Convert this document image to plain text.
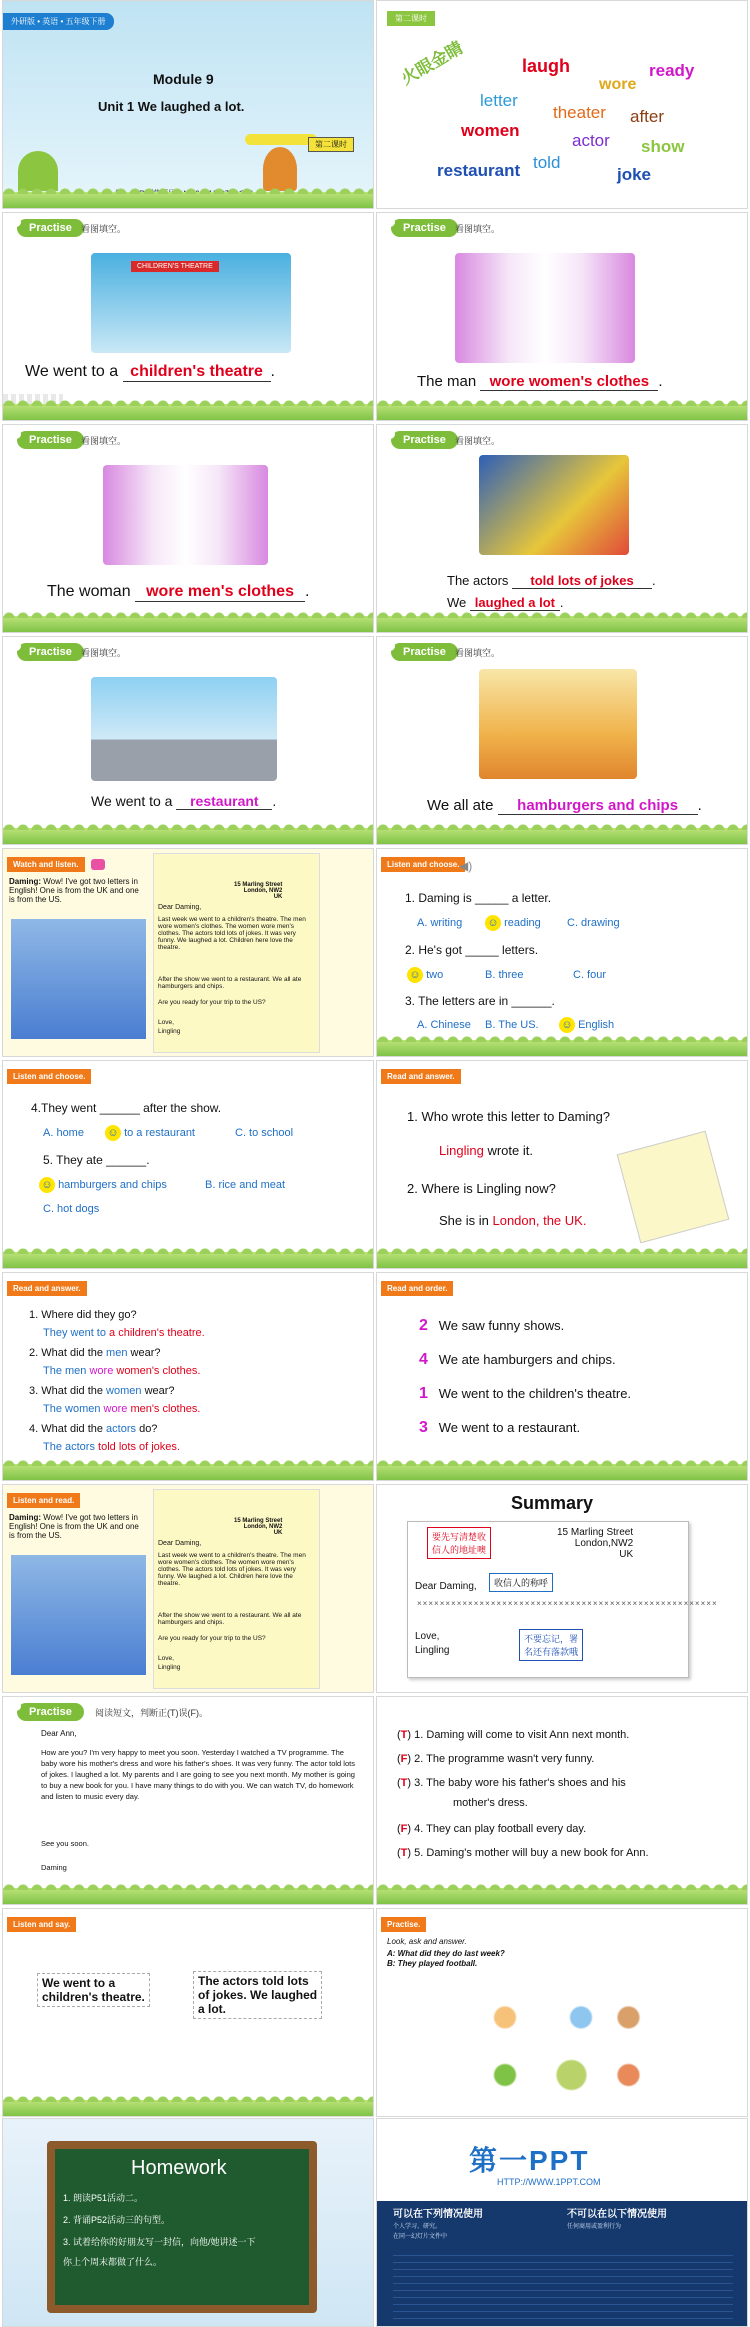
外研版 • 英语 • 五年级下册
Module 9
Unit 1 We laughed a lot.
第二课时
第二课时
火眼金睛	laugh
wore
ready
letter
theater after
women
actor show
restaurant told
joke
Practise	看图填空。
CHILDREN'S THEATRE
We went to a children's theatre .
Practise	看图填空。
The man wore women's clothes .
Practise	看图填空。
The woman wore men's clothes .
Practise	看图填空。
The actors told lots of jokes .
We laughed a lot .
Practise	看图填空。
We went to a restaurant .
Practise	看图填空。
We all ate hamburgers and chips .
Watch and listen.
Daming: Wow! I've got two letters in English! One is from the UK and one is from the US.
15 Marling Street
London, NW2
UK
Dear Daming,
Last week we went to a children's theatre. The men wore women's clothes. The women wore men's clothes. The actors told lots of jokes. It was very funny. We laughed a lot. Children here love the theatre.
After the show we went to a restaurant. We all ate hamburgers and chips.
Are you ready for your trip to the US?
Love,
Lingling
Listen and choose. ◀)
1. Daming is _____ a letter.
A. writing ☺ reading C. drawing
2. He's got _____ letters.
☺ two	B. three	C. four
3. The letters are in ______.
A. Chinese B. The US. ☺ English
Listen and choose.
4.They went ______ after the show.
A. home ☺ to a restaurant	C. to school
5. They ate ______.
☺ hamburgers and chips	B. rice and meat
C. hot dogs
Read and answer.
1. Who wrote this letter to Daming?
Lingling wrote it.
2. Where is Lingling now?
She is in London, the UK.
Read and answer.
1. Where did they go?
They went to a children's theatre.
2. What did the men wear?
The men wore women's clothes.
3. What did the women wear?
The women wore men's clothes.
4. What did the actors do?
The actors told lots of jokes.
Read and order.
2 We saw funny shows.
4 We ate hamburgers and chips.
1 We went to the children's theatre.
3 We went to a restaurant.
Listen and read.
Daming: Wow! I've got two letters in English! One is from the UK and one is from the US.
15 Marling Street
London, NW2
UK
Dear Daming,
Last week we went to a children's theatre. The men wore women's clothes. The women wore men's clothes. The actors told lots of jokes. It was very funny. We laughed a lot. Children here love the theatre.
After the show we went to a restaurant. We all ate hamburgers and chips.
Are you ready for your trip to the US?
Love,
Lingling
Summary
要先写清楚收
信人的地址噢
15 Marling Street
London,NW2
UK
Dear Daming,	收信人的称呼
×××××××××××××××××××××××××××××××××××××××××××××××××××××
Love,
Lingling
不要忘记，署
名还有落款哦
Practise	阅读短文，判断正(T)误(F)。
Dear Ann,
How are you? I'm very happy to meet you soon. Yesterday I watched a TV programme. The baby wore his mother's dress and wore his father's shoes. It was very funny. The actor told lots of jokes. I laughed a lot. My parents and I are going to see you next month. My mother is going to buy a new book for you. I have many things to do with you. We can watch TV, do homework and listen to music every day.
See you soon.
Daming
(T) 1. Daming will come to visit Ann next month.
(F) 2. The programme wasn't very funny.
(T) 3. The baby wore his father's shoes and his
mother's dress.
(F) 4. They can play football every day.
(T) 5. Daming's mother will buy a new book for Ann.
Listen and say.
We went to a
children's theatre.
The actors told lots
of jokes. We laughed
a lot.
Practise.
Look, ask and answer.
A: What did they do last week?
B: They played football.
Homework
1. 朗读P51活动二。
2. 背诵P52活动三的句型。
3. 试着给你的好朋友写一封信，向他/她讲述一下
你上个周末都做了什么。
第一PPT
HTTP://WWW.1PPT.COM
可以在下列情况使用	不可以在以下情况使用
个人学习、研究。
在同一幻灯片文件中
任何商用或盈利行为
